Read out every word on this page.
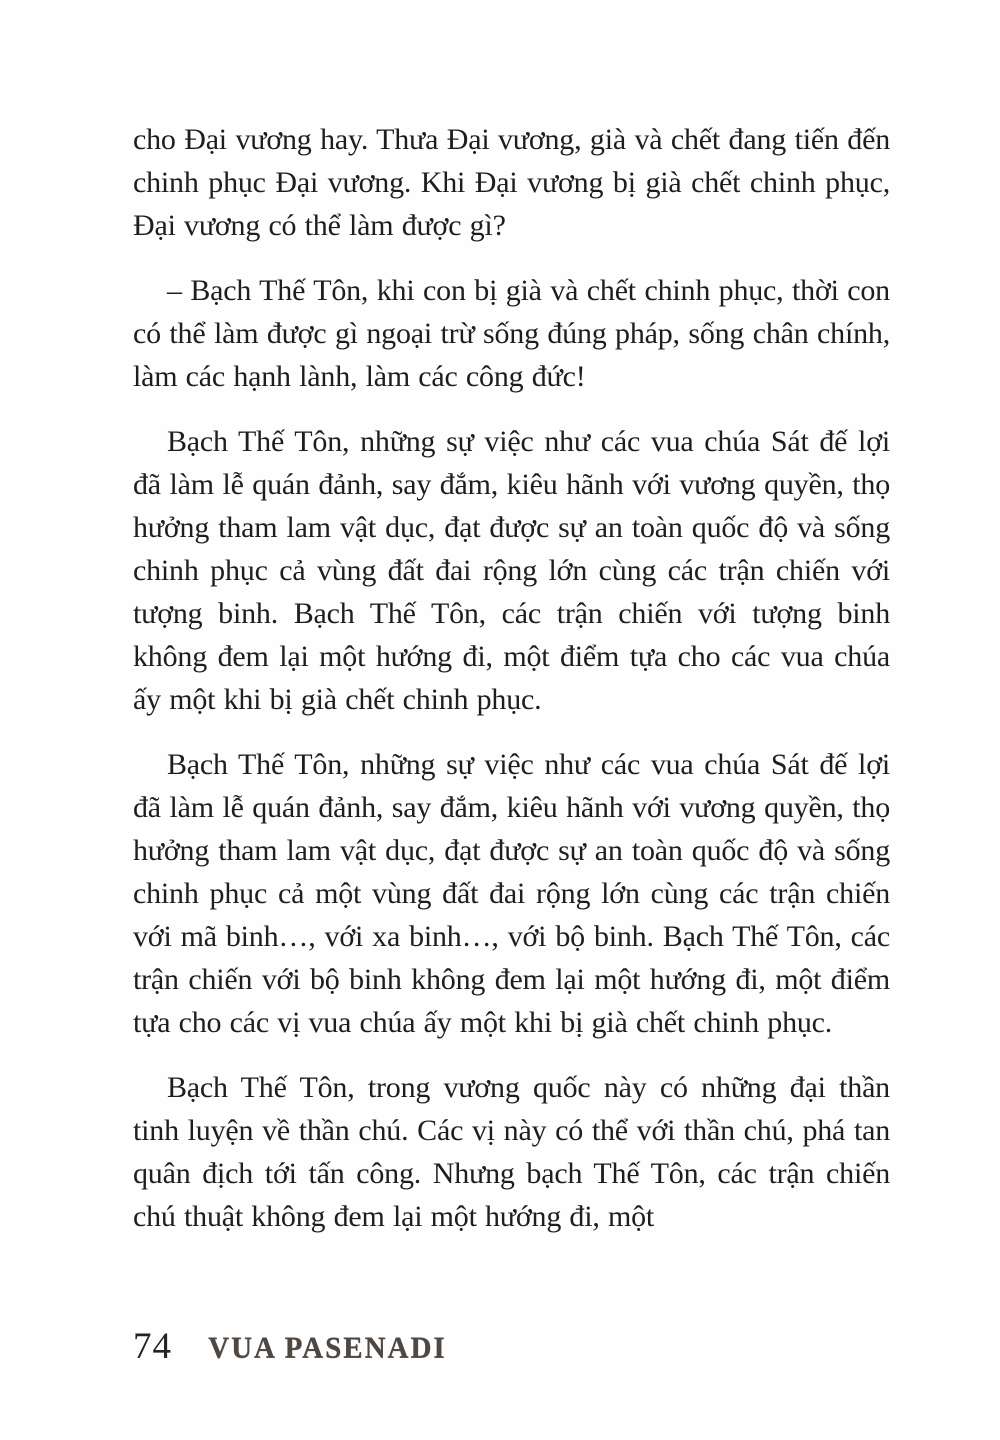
cho Đại vương hay. Thưa Đại vương, già và chết đang tiến đến chinh phục Đại vương. Khi Đại vương bị già chết chinh phục, Đại vương có thể làm được gì?

– Bạch Thế Tôn, khi con bị già và chết chinh phục, thời con có thể làm được gì ngoại trừ sống đúng pháp, sống chân chính, làm các hạnh lành, làm các công đức!

Bạch Thế Tôn, những sự việc như các vua chúa Sát đế lợi đã làm lễ quán đảnh, say đắm, kiêu hãnh với vương quyền, thọ hưởng tham lam vật dục, đạt được sự an toàn quốc độ và sống chinh phục cả vùng đất đai rộng lớn cùng các trận chiến với tượng binh. Bạch Thế Tôn, các trận chiến với tượng binh không đem lại một hướng đi, một điểm tựa cho các vua chúa ấy một khi bị già chết chinh phục.

Bạch Thế Tôn, những sự việc như các vua chúa Sát đế lợi đã làm lễ quán đảnh, say đắm, kiêu hãnh với vương quyền, thọ hưởng tham lam vật dục, đạt được sự an toàn quốc độ và sống chinh phục cả một vùng đất đai rộng lớn cùng các trận chiến với mã binh…, với xa binh…, với bộ binh. Bạch Thế Tôn, các trận chiến với bộ binh không đem lại một hướng đi, một điểm tựa cho các vị vua chúa ấy một khi bị già chết chinh phục.

Bạch Thế Tôn, trong vương quốc này có những đại thần tinh luyện về thần chú. Các vị này có thể với thần chú, phá tan quân địch tới tấn công. Nhưng bạch Thế Tôn, các trận chiến chú thuật không đem lại một hướng đi, một

74 VUA PASENADI
